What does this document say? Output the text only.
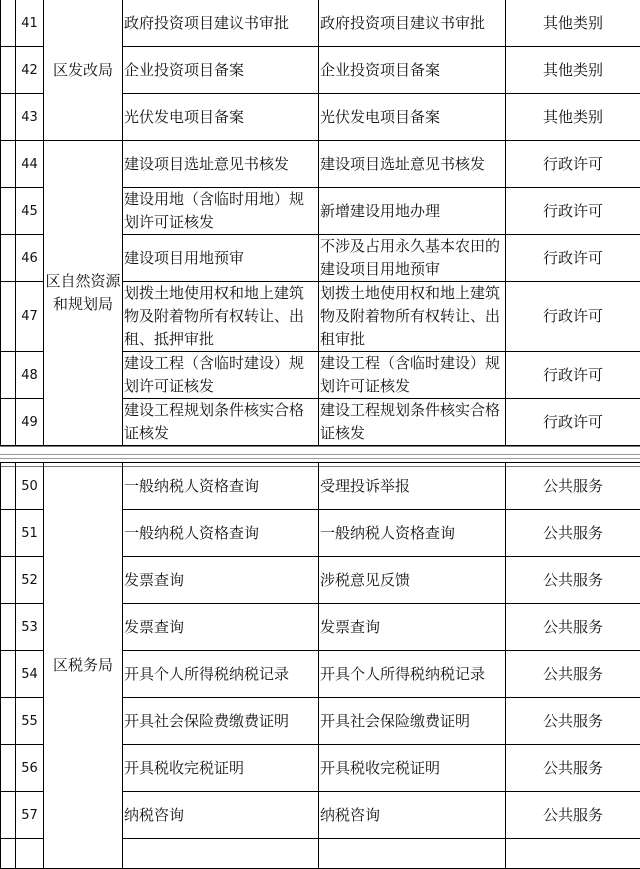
	41	区发改局	政府投资项目建议书审批	政府投资项目建议书审批	其他类别
	42		企业投资项目备案	企业投资项目备案	其他类别
	43		光伏发电项目备案	光伏发电项目备案	其他类别
	44	区自然资源和规划局	建设项目选址意见书核发	建设项目选址意见书核发	行政许可
	45		建设用地（含临时用地）规划许可证核发	新增建设用地办理	行政许可
	46		建设项目用地预审	不涉及占用永久基本农田的建设项目用地预审	行政许可
	47		划拨土地使用权和地上建筑物及附着物所有权转让、出租、抵押审批	划拨土地使用权和地上建筑物及附着物所有权转让、出租审批	行政许可
	48		建设工程（含临时建设）规划许可证核发	建设工程（含临时建设）规划许可证核发	行政许可
	49		建设工程规划条件核实合格证核发	建设工程规划条件核实合格证核发	行政许可
	50	区税务局	一般纳税人资格查询	受理投诉举报	公共服务
	51		一般纳税人资格查询	一般纳税人资格查询	公共服务
	52		发票查询	涉税意见反馈	公共服务
	53		发票查询	发票查询	公共服务
	54		开具个人所得税纳税记录	开具个人所得税纳税记录	公共服务
	55		开具社会保险费缴费证明	开具社会保险缴费证明	公共服务
	56		开具税收完税证明	开具税收完税证明	公共服务
	57		纳税咨询	纳税咨询	公共服务
